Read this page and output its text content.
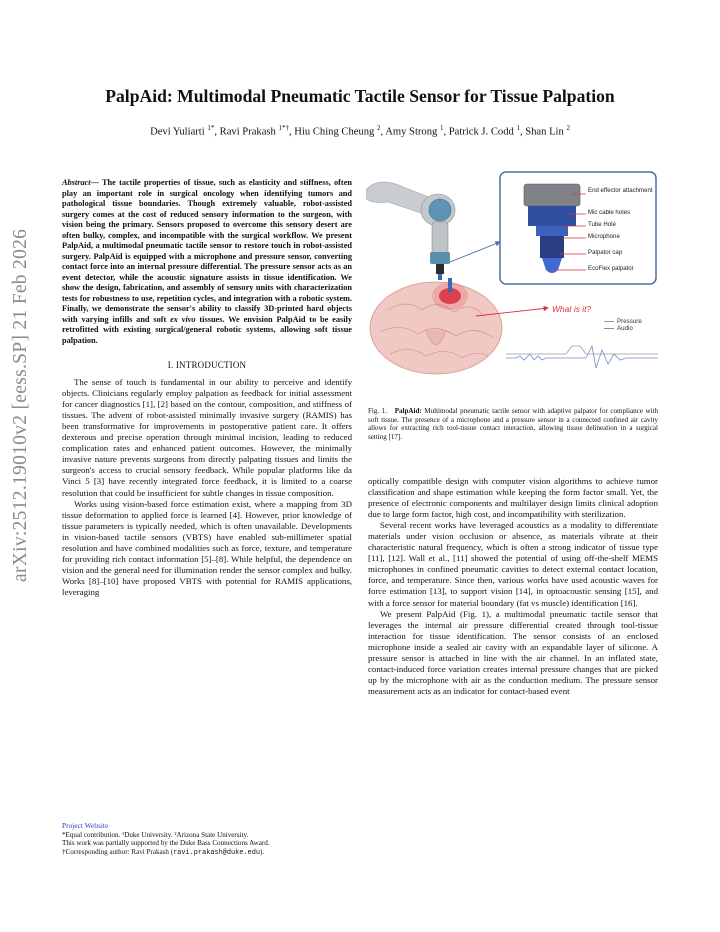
arXiv:2512.19010v2 [eess.SP] 21 Feb 2026
PalpAid: Multimodal Pneumatic Tactile Sensor for Tissue Palpation
Devi Yuliarti $^{1*}$, Ravi Prakash $^{1*\dagger}$, Hiu Ching Cheung $^2$, Amy Strong $^1$, Patrick J. Codd $^1$, Shan Lin $^2$
Abstract— The tactile properties of tissue, such as elasticity and stiffness, often play an important role in surgical oncology when identifying tumors and pathological tissue boundaries. Though extremely valuable, robot-assisted surgery comes at the cost of reduced sensory information to the surgeon, with vision being the primary. Sensors proposed to overcome this sensory desert are often bulky, complex, and incompatible with the surgical workflow. We present PalpAid, a multimodal pneumatic tactile sensor to restore touch in robot-assisted surgery. PalpAid is equipped with a microphone and pressure sensor, converting contact force into an internal pressure differential. The pressure sensor acts as an event detector, while the acoustic signature assists in tissue identification. We show the design, fabrication, and assembly of sensory units with characterization tests for robustness to use, repetition cycles, and integration with a robotic system. Finally, we demonstrate the sensor's ability to classify 3D-printed hard objects with varying infills and soft ex vivo tissues. We envision PalpAid to be easily retrofitted with existing surgical/general robotic systems, allowing soft tissue palpation.
I. INTRODUCTION

The sense of touch is fundamental in our ability to perceive and identify objects. Clinicians regularly employ palpation as feedback for initial assessment for cancer diagnostics [1], [2] based on the contour, composition, and stiffness of tissues. The advent of robot-assisted minimally invasive surgery (RAMIS) has been transformative for improvements in postoperative patient care. It offers dexterous and precise operation through minimal incision, leading to reduced complication rates and enhanced patient outcomes. However, the minimally invasive nature prevents surgeons from directly palpating tissues and limits the surgeon's access to crucial sensory feedback. While popular platforms like da Vinci 5 [3] have recently integrated force feedback, it is limited to a coarse resolution that could be insufficient for subtle changes in tissue composition.

Works using vision-based force estimation exist, where a mapping from 3D tissue deformation to applied force is learned [4]. However, prior knowledge of tissue parameters is typically needed, which is often unavailable. Developments in vision-based tactile sensors (VBTS) have enabled sub-millimeter spatial resolution and have combined modalities such as force, texture, and temperature for providing rich contact information [5]–[8]. While helpful, the dependence on vision and the general need for illumination render the sensor complex and bulky. Works [8]–[10] have proposed VBTS with potential for RAMIS applications, leveraging

Project Website
*Equal contribution. ¹Duke University. ²Arizona State University.
This work was partially supported by the Duke Bass Connections Award.
†Corresponding author: Ravi Prakash (ravi.prakash@duke.edu).
End effector attachment
Mic cable holes
Tube Hole
Microphone
Palpator cap
EcoFlex palpator
What is it?
Pressure
Audio
Fig. 1. PalpAid: Multimodal pneumatic tactile sensor with adaptive palpator for compliance with soft tissue. The presence of a microphone and a pressure sensor in a connected confined air cavity allows for extracting rich tool-tissue contact interaction, allowing tissue delineation in a surgical setting [17].

optically compatible design with computer vision algorithms to achieve tumor classification and shape estimation while keeping the form factor small. Yet, the presence of electronic components and multilayer design limits clinical adoption due to large form factor, high cost, and incompatibility with sterilization.

Several recent works have leveraged acoustics as a modality to differentiate materials under vision occlusion or absence, as materials vibrate at their characteristic natural frequency, which is often a strong indicator of tissue type [11], [12]. Wall et al., [11] showed the potential of using off-the-shelf MEMS microphones in confined pneumatic cavities to detect external contact location, force, and temperature. Since then, various works have used acoustic waves for force estimation [13], to support vision [14], in optoacoustic sensing [15], and with a force sensor for material boundary (fat vs muscle) identification [16].

We present PalpAid (Fig. 1), a multimodal pneumatic tactile sensor that leverages the internal air pressure differential created through tool-tissue interaction for tissue identification. The sensor consists of an enclosed microphone inside a sealed air cavity with an expandable layer of silicone. A pressure sensor is attached in line with the air channel. In an inflated state, contact-induced force variation creates internal pressure changes that are picked up by the microphone with air as the conduction medium. The pressure sensor measurement acts as an indicator for contact-based event
